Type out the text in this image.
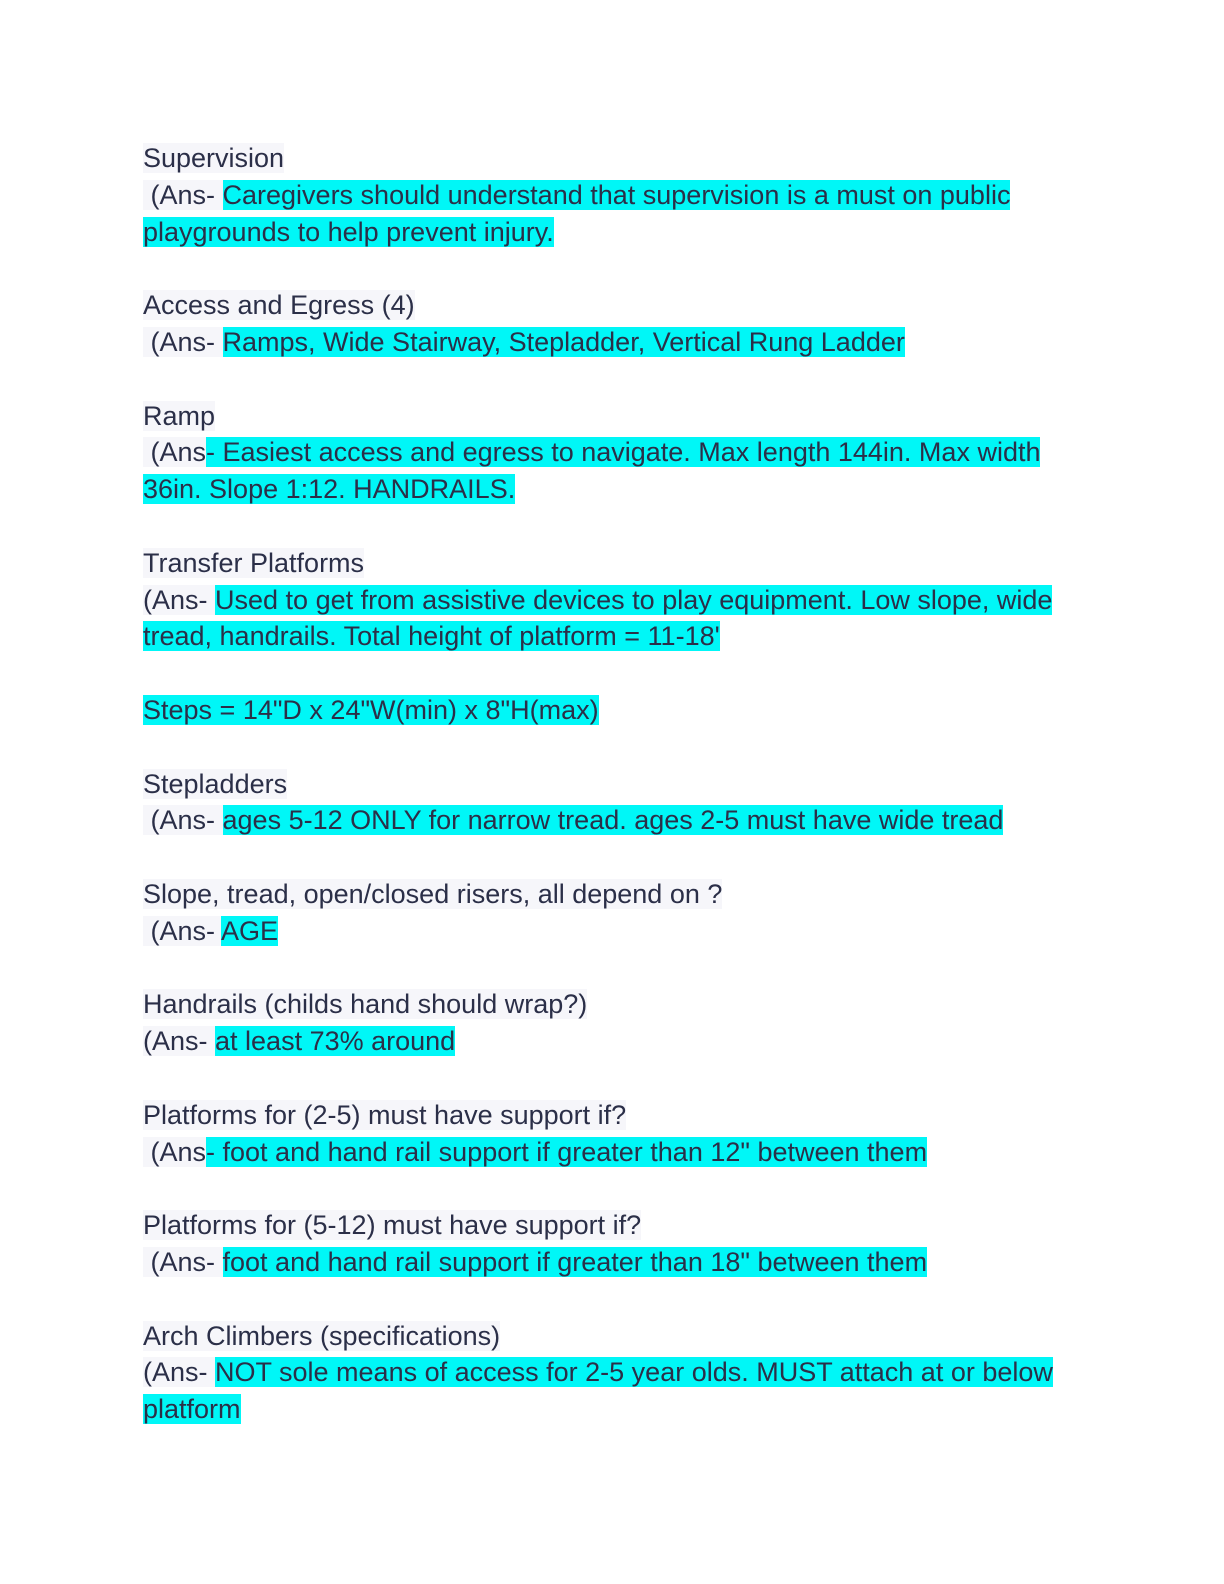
Supervision
(Ans- Caregivers should understand that supervision is a must on public playgrounds to help prevent injury.
Access and Egress (4)
(Ans- Ramps, Wide Stairway, Stepladder, Vertical Rung Ladder
Ramp
(Ans- Easiest access and egress to navigate. Max length 144in. Max width 36in. Slope 1:12. HANDRAILS.
Transfer Platforms
(Ans- Used to get from assistive devices to play equipment. Low slope, wide tread, handrails. Total height of platform = 11-18'
Steps = 14"D x 24"W(min) x 8"H(max)
Stepladders
(Ans- ages 5-12 ONLY for narrow tread. ages 2-5 must have wide tread
Slope, tread, open/closed risers, all depend on ?
(Ans- AGE
Handrails (childs hand should wrap?)
(Ans- at least 73% around
Platforms for (2-5) must have support if?
(Ans- foot and hand rail support if greater than 12" between them
Platforms for (5-12) must have support if?
(Ans- foot and hand rail support if greater than 18" between them
Arch Climbers (specifications)
(Ans- NOT sole means of access for 2-5 year olds. MUST attach at or below platform
